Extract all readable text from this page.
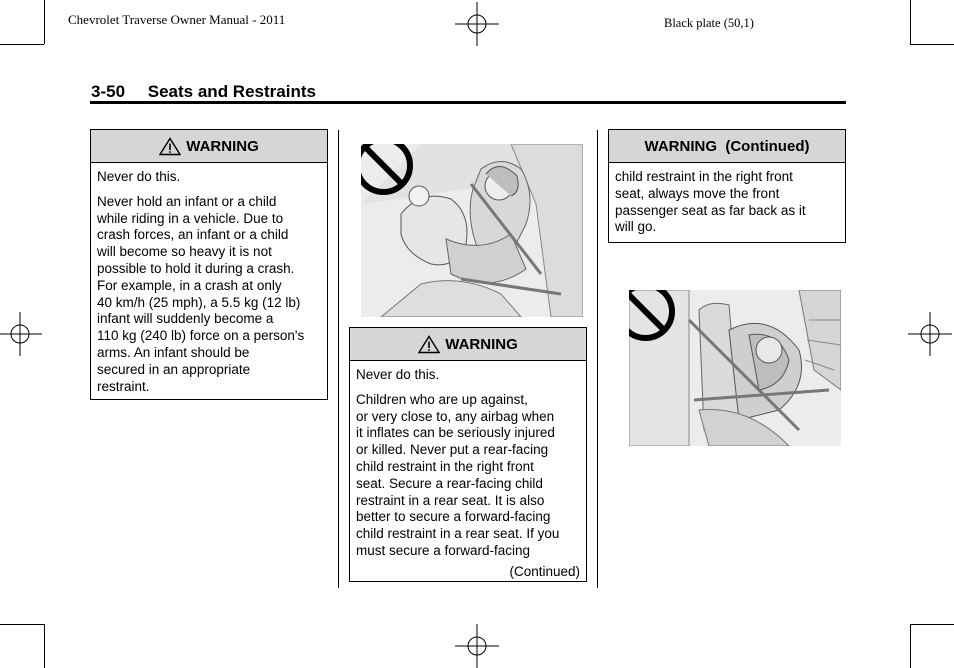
Chevrolet Traverse Owner Manual - 2011	Black plate (50,1)
3-50 Seats and Restraints
WARNING

Never do this.

Never hold an infant or a child
while riding in a vehicle. Due to
crash forces, an infant or a child
will become so heavy it is not
possible to hold it during a crash.
For example, in a crash at only
40 km/h (25 mph), a 5.5 kg (12 lb)
infant will suddenly become a
110 kg (240 lb) force on a person's
arms. An infant should be
secured in an appropriate
restraint.

WARNING

Never do this.

Children who are up against,
or very close to, any airbag when
it inflates can be seriously injured
or killed. Never put a rear-facing
child restraint in the right front
seat. Secure a rear-facing child
restraint in a rear seat. It is also
better to secure a forward-facing
child restraint in a rear seat. If you
must secure a forward-facing

(Continued)
WARNING  (Continued)

child restraint in the right front
seat, always move the front
passenger seat as far back as it
will go.
